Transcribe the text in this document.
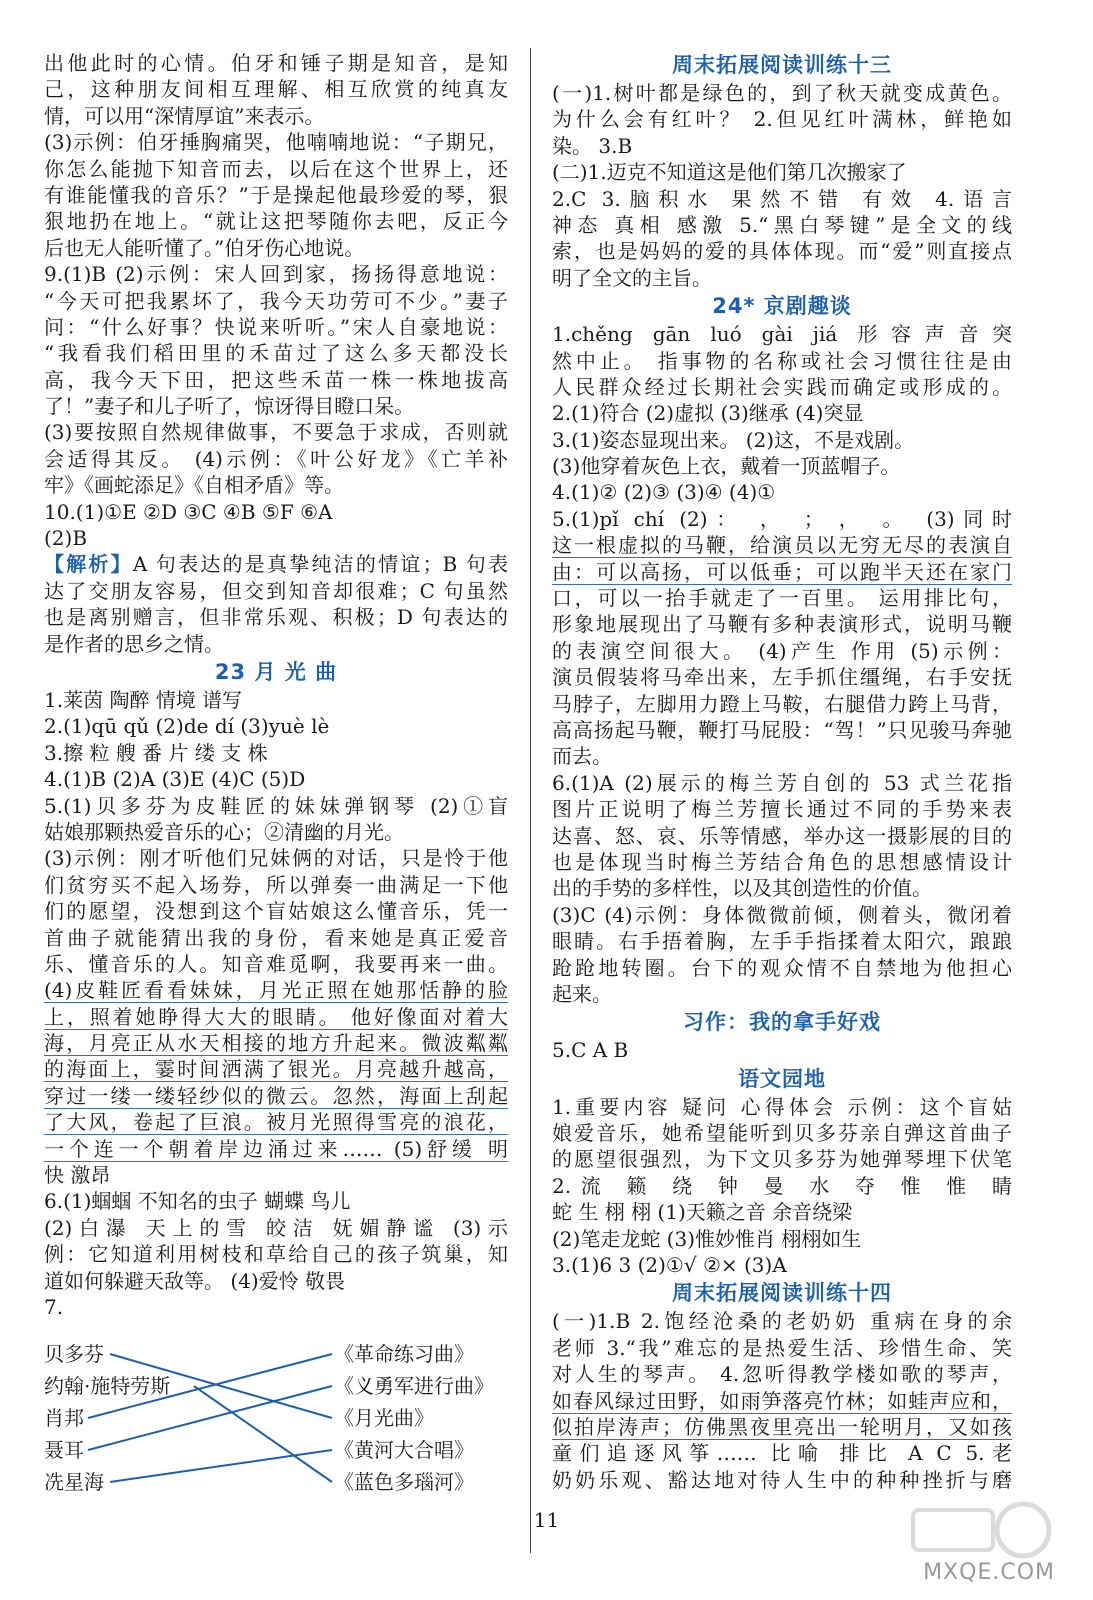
出他此时的心情。伯牙和锤子期是知音，是知
己，这种朋友间相互理解、相互欣赏的纯真友
情，可以用“深情厚谊”来表示。
(3)示例：伯牙捶胸痛哭，他喃喃地说：“子期兄，
你怎么能抛下知音而去，以后在这个世界上，还
有谁能懂我的音乐？”于是操起他最珍爱的琴，狠
狠地扔在地上。“就让这把琴随你去吧，反正今
后也无人能听懂了。”伯牙伤心地说。
9.(1)B (2)示例：宋人回到家，扬扬得意地说：
“今天可把我累坏了，我今天功劳可不少。”妻子
问：“什么好事？快说来听听。”宋人自豪地说：
“我看我们稻田里的禾苗过了这么多天都没长
高，我今天下田，把这些禾苗一株一株地拔高
了！”妻子和儿子听了，惊讶得目瞪口呆。
(3)要按照自然规律做事，不要急于求成，否则就
会适得其反。 (4)示例：《叶公好龙》《亡羊补
牢》《画蛇添足》《自相矛盾》等。
10.(1)①E ②D ③C ④B ⑤F ⑥A
(2)B
【解析】A 句表达的是真挚纯洁的情谊；B 句表
达了交朋友容易，但交到知音却很难；C 句虽然
也是离别赠言，但非常乐观、积极；D 句表达的
是作者的思乡之情。
23 月 光 曲
1.莱茵 陶醉 情境 谱写
2.(1)qū qǔ (2)de dí (3)yuè lè
3.擦 粒 艘 番 片 缕 支 株
4.(1)B (2)A (3)E (4)C (5)D
5.(1)贝多芬为皮鞋匠的妹妹弹钢琴 (2)①盲
姑娘那颗热爱音乐的心；②清幽的月光。
(3)示例：刚才听他们兄妹俩的对话，只是怜于他
们贫穷买不起入场券，所以弹奏一曲满足一下他
们的愿望，没想到这个盲姑娘这么懂音乐，凭一
首曲子就能猜出我的身份，看来她是真正爱音
乐、懂音乐的人。知音难觅啊，我要再来一曲。
(4)皮鞋匠看看妹妹，月光正照在她那恬静的脸
上，照着她睁得大大的眼睛。 他好像面对着大
海，月亮正从水天相接的地方升起来。微波粼粼
的海面上，霎时间洒满了银光。月亮越升越高，
穿过一缕一缕轻纱似的微云。忽然，海面上刮起
了大风，卷起了巨浪。被月光照得雪亮的浪花，
一个连一个朝着岸边涌过来…… (5)舒缓 明
快 激昂
6.(1)蝈蝈 不知名的虫子 蝴蝶 鸟儿
(2)白瀑 天上的雪 皎洁 妩媚静谧 (3)示
例：它知道利用树枝和草给自己的孩子筑巢，知
道如何躲避天敌等。 (4)爱怜 敬畏
7.
周末拓展阅读训练十三
(一)1.树叶都是绿色的，到了秋天就变成黄色。
为什么会有红叶？ 2.但见红叶满林，鲜艳如
染。 3.B
(二)1.迈克不知道这是他们第几次搬家了
2.C 3.脑积水 果然不错 有效 4.语言
神态 真相 感激 5.“黑白琴键”是全文的线
索，也是妈妈的爱的具体体现。而“爱”则直接点
明了全文的主旨。
24* 京剧趣谈
1.chěng gān luó gài jiá 形容声音突
然中止。 指事物的名称或社会习惯往往是由
人民群众经过长期社会实践而确定或形成的。
2.(1)符合 (2)虚拟 (3)继承 (4)突显
3.(1)姿态显现出来。 (2)这，不是戏剧。
(3)他穿着灰色上衣，戴着一顶蓝帽子。
4.(1)② (2)③ (3)④ (4)①
5.(1)pǐ chí (2)： ， ； ， 。 (3)同时
这一根虚拟的马鞭，给演员以无穷无尽的表演自
由：可以高扬，可以低垂；可以跑半天还在家门
口，可以一抬手就走了一百里。 运用排比句，
形象地展现出了马鞭有多种表演形式，说明马鞭
的表演空间很大。 (4)产生 作用 (5)示例：
演员假装将马牵出来，左手抓住缰绳，右手安抚
马脖子，左脚用力蹬上马鞍，右腿借力跨上马背，
高高扬起马鞭，鞭打马屁股：“驾！”只见骏马奔驰
而去。
6.(1)A (2)展示的梅兰芳自创的 53 式兰花指
图片正说明了梅兰芳擅长通过不同的手势来表
达喜、怒、哀、乐等情感，举办这一摄影展的目的
也是体现当时梅兰芳结合角色的思想感情设计
出的手势的多样性，以及其创造性的价值。
(3)C (4)示例：身体微微前倾，侧着头，微闭着
眼睛。右手捂着胸，左手手指揉着太阳穴，踉踉
跄跄地转圈。台下的观众情不自禁地为他担心
起来。
习作：我的拿手好戏
5.C A B
语文园地
1.重要内容 疑问 心得体会 示例：这个盲姑
娘爱音乐，她希望能听到贝多芬亲自弹这首曲子
的愿望很强烈，为下文贝多芬为她弹琴埋下伏笔
2.流 籁 绕 钟 曼 水 夺 惟 惟 睛
蛇 生 栩 栩 (1)天籁之音 余音绕梁
(2)笔走龙蛇 (3)惟妙惟肖 栩栩如生
3.(1)6 3 (2)①√ ②× (3)A
周末拓展阅读训练十四
(一)1.B 2.饱经沧桑的老奶奶 重病在身的余
老师 3.“我”难忘的是热爱生活、珍惜生命、笑
对人生的琴声。 4.忽听得教学楼如歌的琴声，
如春风绿过田野，如雨笋落亮竹林；如蛙声应和，
似拍岸涛声；仿佛黑夜里亮出一轮明月，又如孩
童们追逐风筝…… 比喻 排比 A C 5.老
奶奶乐观、豁达地对待人生中的种种挫折与磨
贝多芬
约翰·施特劳斯
肖邦
聂耳
冼星海
《革命练习曲》
《义勇军进行曲》
《月光曲》
《黄河大合唱》
《蓝色多瑙河》
11
MXQE.COM
